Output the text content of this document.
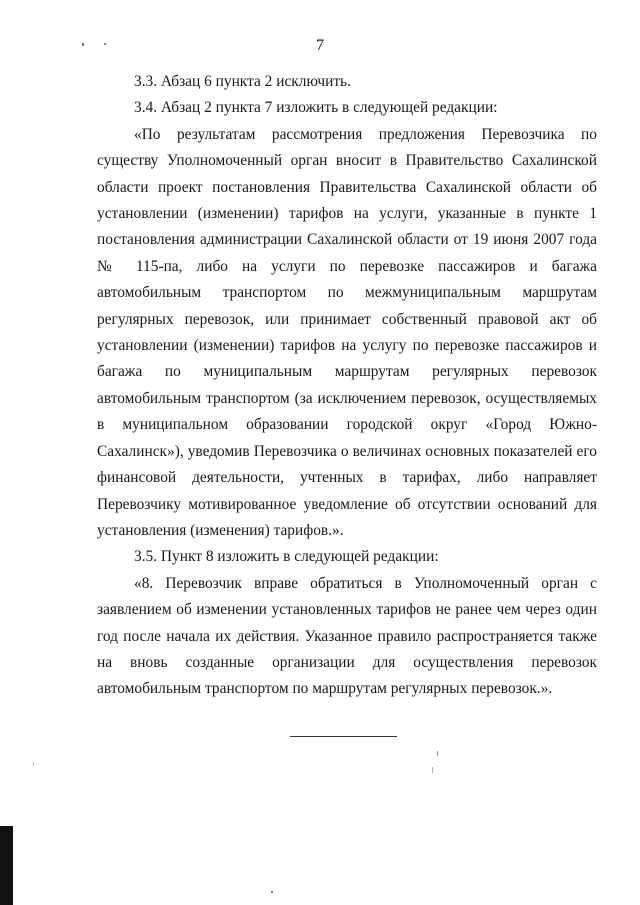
7

3.3. Абзац 6 пункта 2 исключить.

3.4. Абзац 2 пункта 7 изложить в следующей редакции:

«По результатам рассмотрения предложения Перевозчика по существу Уполномоченный орган вносит в Правительство Сахалинской области проект постановления Правительства Сахалинской области об установлении (изменении) тарифов на услуги, указанные в пункте 1 постановления администрации Сахалинской области от 19 июня 2007 года № 115-па, либо на услуги по перевозке пассажиров и багажа автомобильным транспортом по межмуниципальным маршрутам регулярных перевозок, или принимает собственный правовой акт об установлении (изменении) тарифов на услугу по перевозке пассажиров и багажа по муниципальным маршрутам регулярных перевозок автомобильным транспортом (за исключением перевозок, осуществляемых в муниципальном образовании городской округ «Город Южно-Сахалинск»), уведомив Перевозчика о величинах основных показателей его финансовой деятельности, учтенных в тарифах, либо направляет Перевозчику мотивированное уведомление об отсутствии оснований для установления (изменения) тарифов.».

3.5. Пункт 8 изложить в следующей редакции:

«8. Перевозчик вправе обратиться в Уполномоченный орган с заявлением об изменении установленных тарифов не ранее чем через один год после начала их действия. Указанное правило распространяется также на вновь созданные организации для осуществления перевозок автомобильным транспортом по маршрутам регулярных перевозок.».
